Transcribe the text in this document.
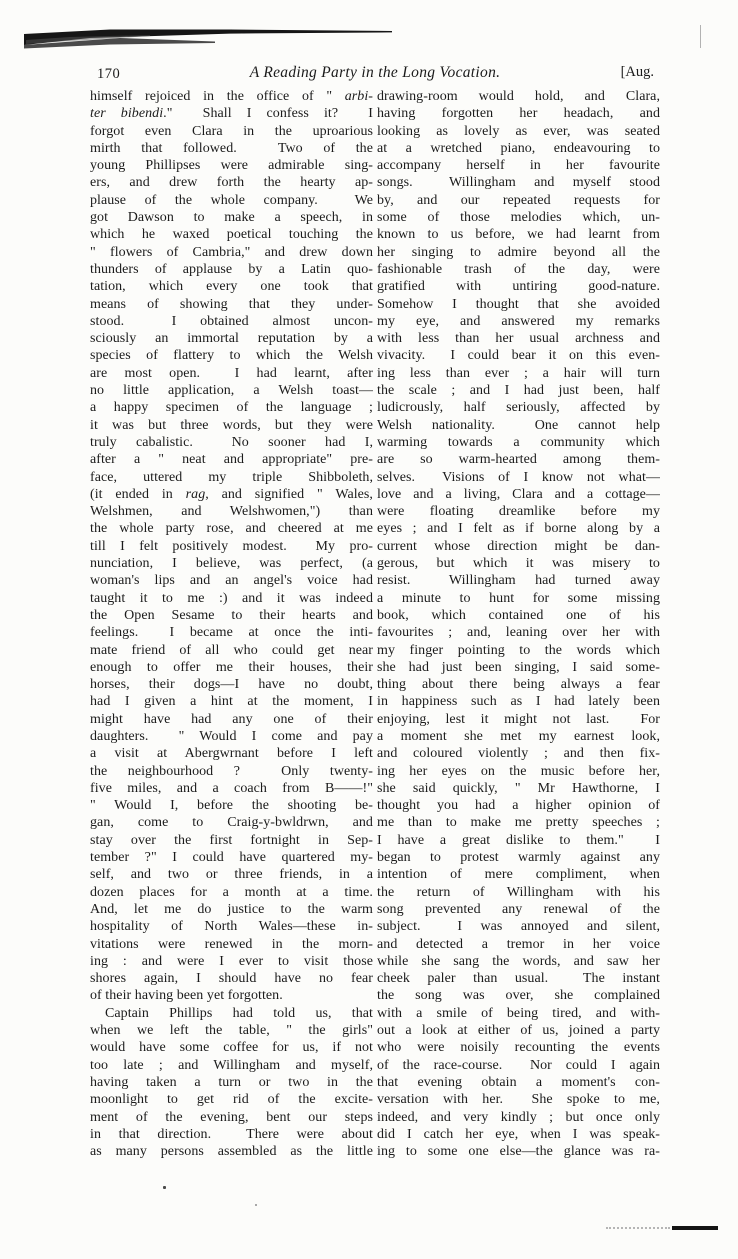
170	A Reading Party in the Long Vocation.	[Aug.
himself rejoiced in the office of " arbi-
ter bibendi."  Shall I confess it?  I
forgot even Clara in the uproarious
mirth that followed.  Two of the
young Phillipses were admirable sing-
ers, and drew forth the hearty ap-
plause of the whole company.  We
got Dawson to make a speech, in
which he waxed poetical touching the
" flowers of Cambria," and drew down
thunders of applause by a Latin quo-
tation, which every one took that
means of showing that they under-
stood.  I obtained almost uncon-
sciously an immortal reputation by a
species of flattery to which the Welsh
are most open.  I had learnt, after
no little application, a Welsh toast—
a happy specimen of the language ;
it was but three words, but they were
truly cabalistic.  No sooner had I,
after a " neat and appropriate" pre-
face, uttered my triple Shibboleth,
(it ended in rag, and signified " Wales,
Welshmen, and Welshwomen,") than
the whole party rose, and cheered at me
till I felt positively modest.  My pro-
nunciation, I believe, was perfect, (a
woman's lips and an angel's voice had
taught it to me :) and it was indeed
the Open Sesame to their hearts and
feelings.  I became at once the inti-
mate friend of all who could get near
enough to offer me their houses, their
horses, their dogs—I have no doubt,
had I given a hint at the moment, I
might have had any one of their
daughters.  " Would I come and pay
a visit at Abergwrnant before I left
the neighbourhood ?  Only twenty-
five miles, and a coach from B——!"
" Would I, before the shooting be-
gan, come to Craig-y-bwldrwn, and
stay over the first fortnight in Sep-
tember ?" I could have quartered my-
self, and two or three friends, in a
dozen places for a month at a time.
And, let me do justice to the warm
hospitality of North Wales—these in-
vitations were renewed in the morn-
ing : and were I ever to visit those
shores again, I should have no fear
of their having been yet forgotten.
Captain Phillips had told us, that
when we left the table, " the girls"
would have some coffee for us, if not
too late ; and Willingham and myself,
having taken a turn or two in the
moonlight to get rid of the excite-
ment of the evening, bent our steps
in that direction.  There were about
as many persons assembled as the little
drawing-room would hold, and Clara,
having forgotten her headach, and
looking as lovely as ever, was seated
at a wretched piano, endeavouring to
accompany herself in her favourite
songs.  Willingham and myself stood
by, and our repeated requests for
some of those melodies which, un-
known to us before, we had learnt from
her singing to admire beyond all the
fashionable trash of the day, were
gratified with untiring good-nature.
Somehow I thought that she avoided
my eye, and answered my remarks
with less than her usual archness and
vivacity.  I could bear it on this even-
ing less than ever ; a hair will turn
the scale ; and I had just been, half
ludicrously, half seriously, affected by
Welsh nationality.  One cannot help
warming towards a community which
are so warm-hearted among them-
selves.  Visions of I know not what—
love and a living, Clara and a cottage—
were floating dreamlike before my
eyes ; and I felt as if borne along by a
current whose direction might be dan-
gerous, but which it was misery to
resist.  Willingham had turned away
a minute to hunt for some missing
book, which contained one of his
favourites ; and, leaning over her with
my finger pointing to the words which
she had just been singing, I said some-
thing about there being always a fear
in happiness such as I had lately been
enjoying, lest it might not last.  For
a moment she met my earnest look,
and coloured violently ; and then fix-
ing her eyes on the music before her,
she said quickly, " Mr Hawthorne, I
thought you had a higher opinion of
me than to make me pretty speeches ;
I have a great dislike to them."  I
began to protest warmly against any
intention of mere compliment, when
the return of Willingham with his
song prevented any renewal of the
subject.  I was annoyed and silent,
and detected a tremor in her voice
while she sang the words, and saw her
cheek paler than usual.  The instant
the song was over, she complained
with a smile of being tired, and with-
out a look at either of us, joined a party
who were noisily recounting the events
of the race-course.  Nor could I again
that evening obtain a moment's con-
versation with her.  She spoke to me,
indeed, and very kindly ; but once only
did I catch her eye, when I was speak-
ing to some one else—the glance was ra-
